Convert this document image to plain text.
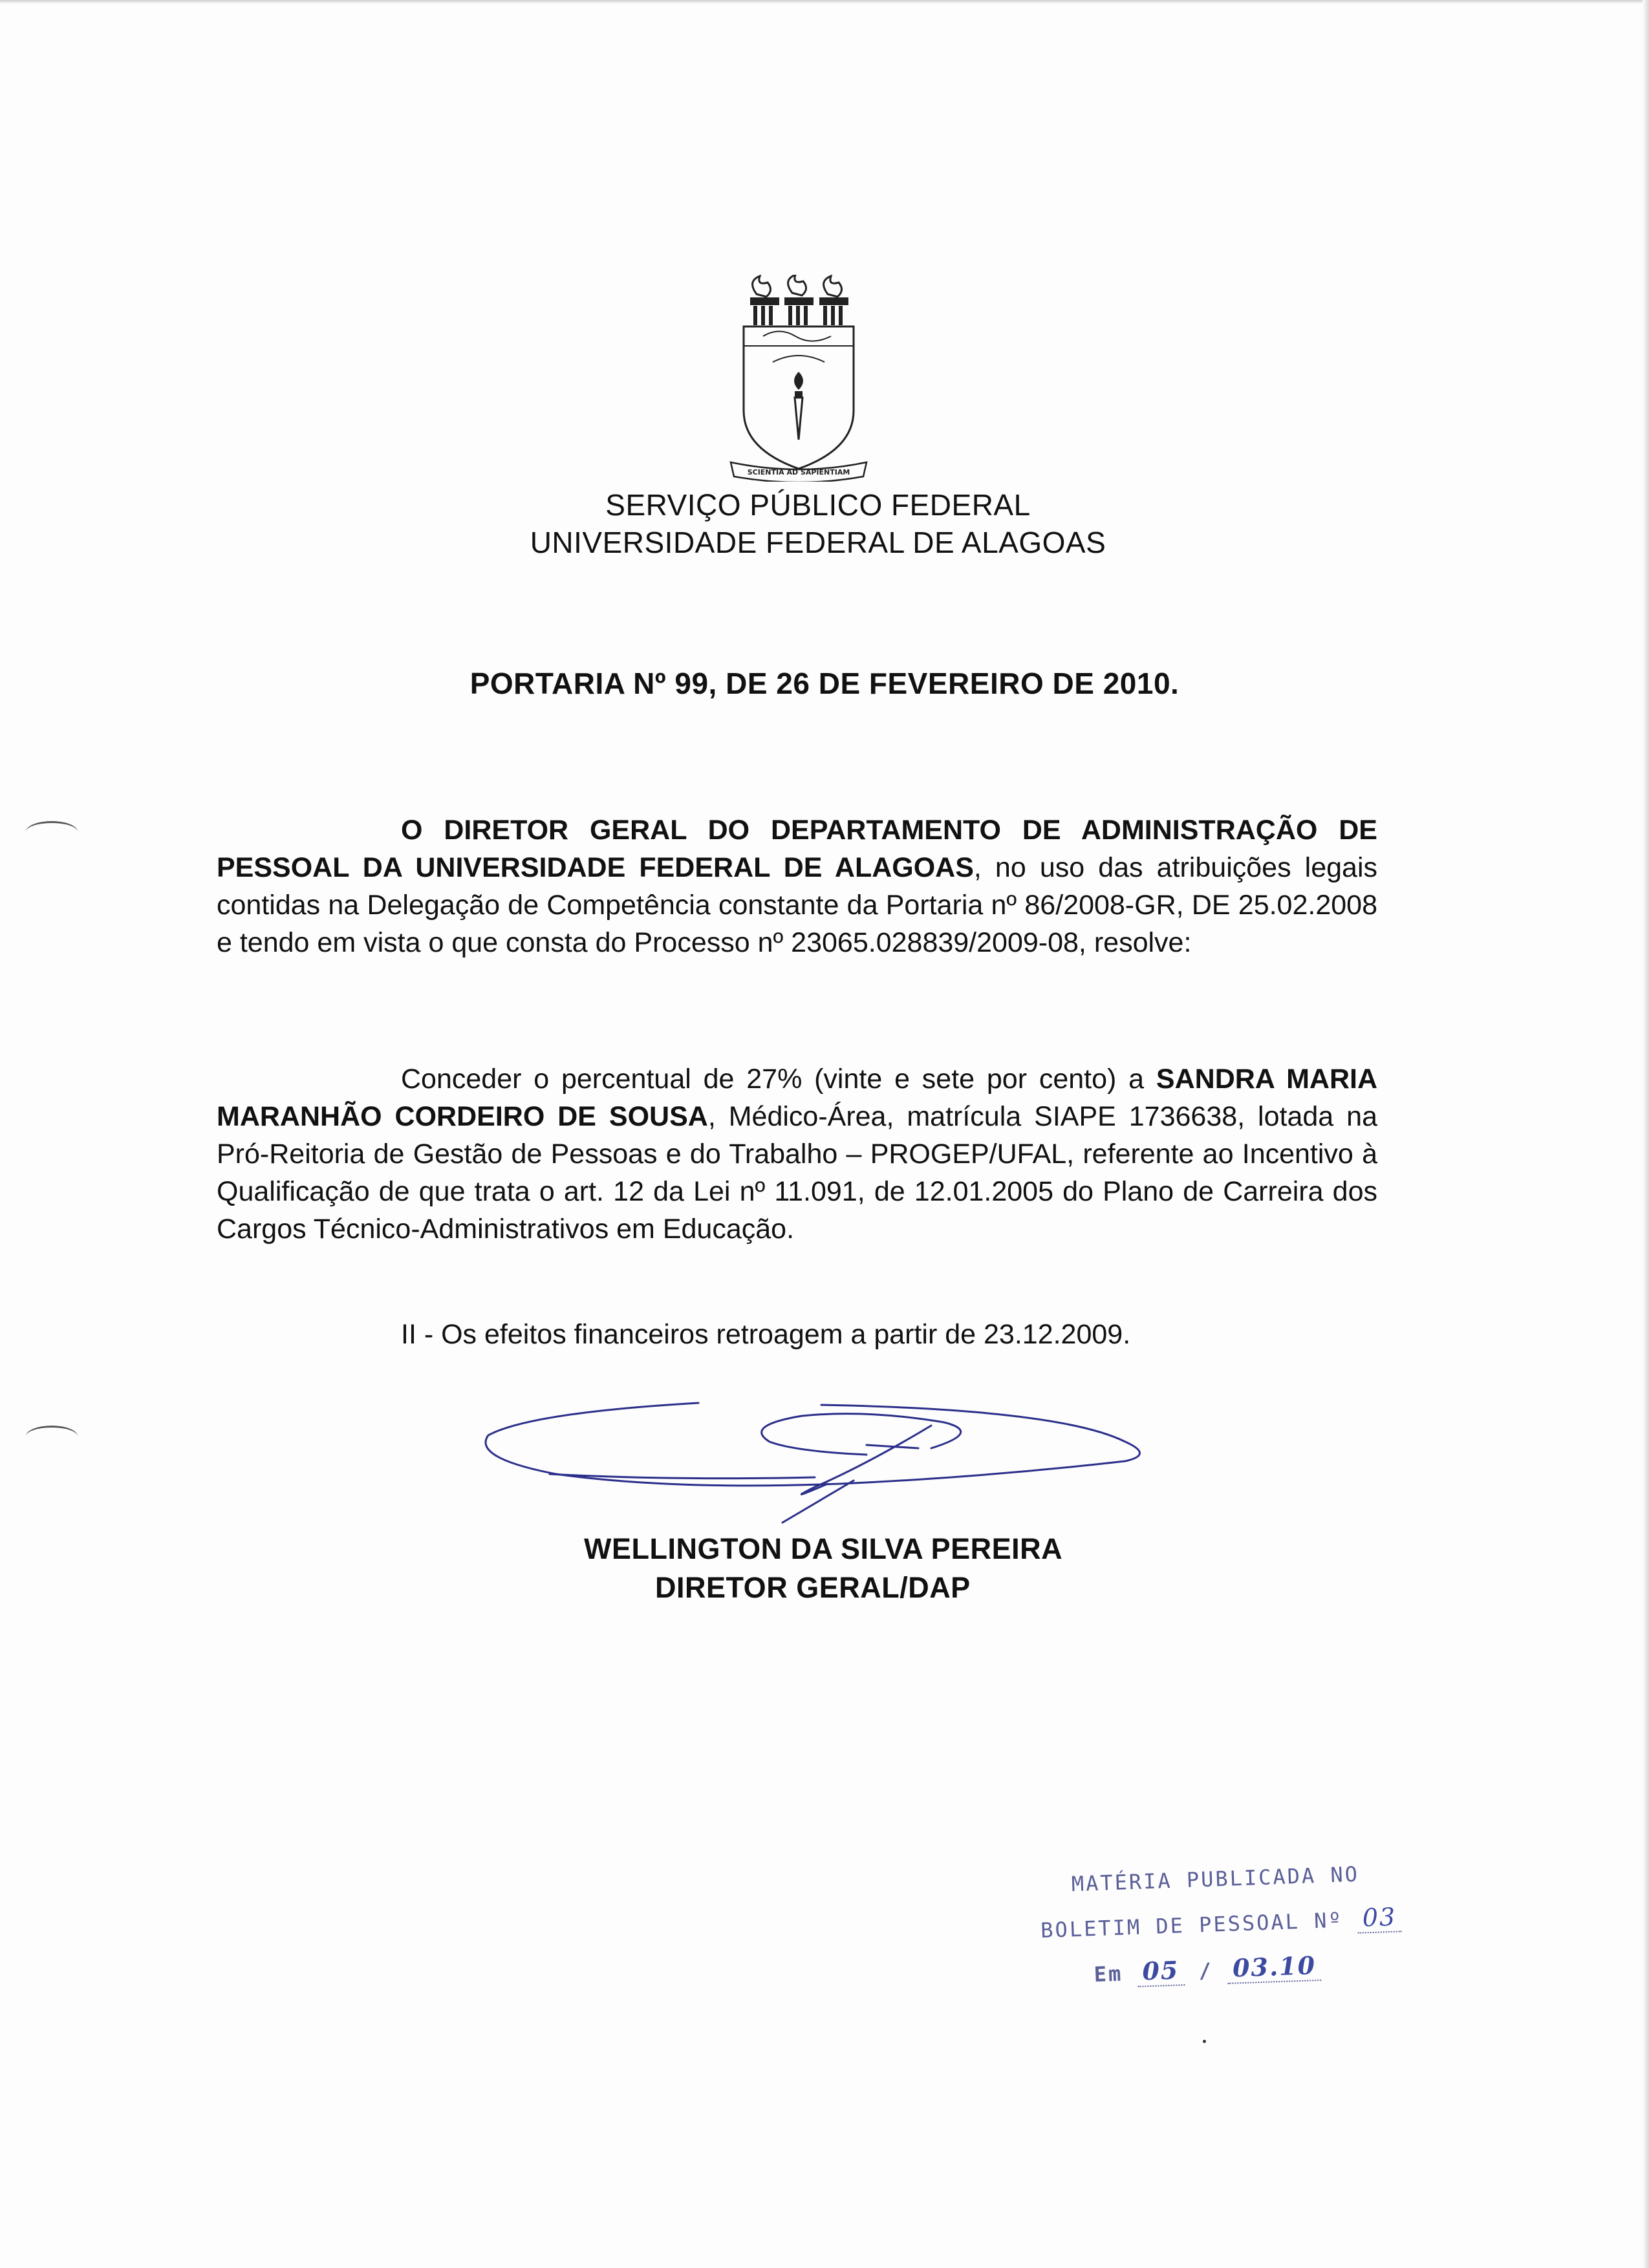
SCIENTIA AD SAPIENTIAM
SERVIÇO PÚBLICO FEDERAL
UNIVERSIDADE FEDERAL DE ALAGOAS
PORTARIA Nº 99, DE 26 DE FEVEREIRO DE 2010.
O DIRETOR GERAL DO DEPARTAMENTO DE ADMINISTRAÇÃO DE PESSOAL DA UNIVERSIDADE FEDERAL DE ALAGOAS, no uso das atribuições legais contidas na Delegação de Competência constante da Portaria nº 86/2008-GR, DE 25.02.2008 e tendo em vista o que consta do Processo nº 23065.028839/2009-08, resolve:
Conceder o percentual de 27% (vinte e sete por cento) a SANDRA MARIA MARANHÃO CORDEIRO DE SOUSA, Médico-Área, matrícula SIAPE 1736638, lotada na Pró-Reitoria de Gestão de Pessoas e do Trabalho – PROGEP/UFAL, referente ao Incentivo à Qualificação de que trata o art. 12 da Lei nº 11.091, de 12.01.2005 do Plano de Carreira dos Cargos Técnico-Administrativos em Educação.
II - Os efeitos financeiros retroagem a partir de 23.12.2009.
WELLINGTON DA SILVA PEREIRA
DIRETOR GERAL/DAP
MATÉRIA PUBLICADA NO
BOLETIM DE PESSOAL Nº 03
Em 05 / 03.10
